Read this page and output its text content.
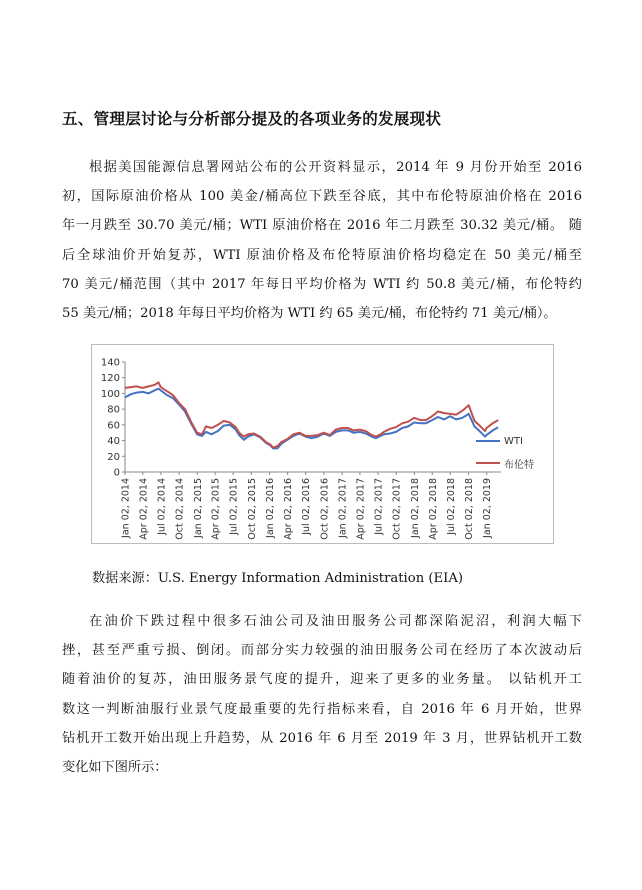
五、管理层讨论与分析部分提及的各项业务的发展现状
根据美国能源信息署网站公布的公开资料显示，2014 年 9 月份开始至 2016
初，国际原油价格从 100 美金/桶高位下跌至谷底，其中布伦特原油价格在 2016
年一月跌至 30.70 美元/桶；WTI 原油价格在 2016 年二月跌至 30.32 美元/桶。 随
后全球油价开始复苏，WTI 原油价格及布伦特原油价格均稳定在 50 美元/桶至
70 美元/桶范围（其中 2017 年每日平均价格为 WTI 约 50.8 美元/桶，布伦特约
55 美元/桶；2018 年每日平均价格为 WTI 约 65 美元/桶，布伦特约 71 美元/桶）。
0
20
40
60
80
100
120
140
Jan 02, 2014 Apr 02, 2014 Jul 02, 2014 Oct 02, 2014 Jan 02, 2015 Apr 02, 2015 Jul 02, 2015 Oct 02, 2015 Jan 02, 2016 Apr 02, 2016 Jul 02, 2016 Oct 02, 2016 Jan 02, 2017 Apr 02, 2017 Jul 02, 2017 Oct 02, 2017 Jan 02, 2018 Apr 02, 2018 Jul 02, 2018 Oct 02, 2018 Jan 02, 2019
WTI
布伦特
数据来源：U.S. Energy Information Administration (EIA)
在油价下跌过程中很多石油公司及油田服务公司都深陷泥沼，利润大幅下
挫，甚至严重亏损、倒闭。而部分实力较强的油田服务公司在经历了本次波动后
随着油价的复苏，油田服务景气度的提升，迎来了更多的业务量。 以钻机开工
数这一判断油服行业景气度最重要的先行指标来看，自 2016 年 6 月开始，世界
钻机开工数开始出现上升趋势，从 2016 年 6 月至 2019 年 3 月，世界钻机开工数
变化如下图所示：
